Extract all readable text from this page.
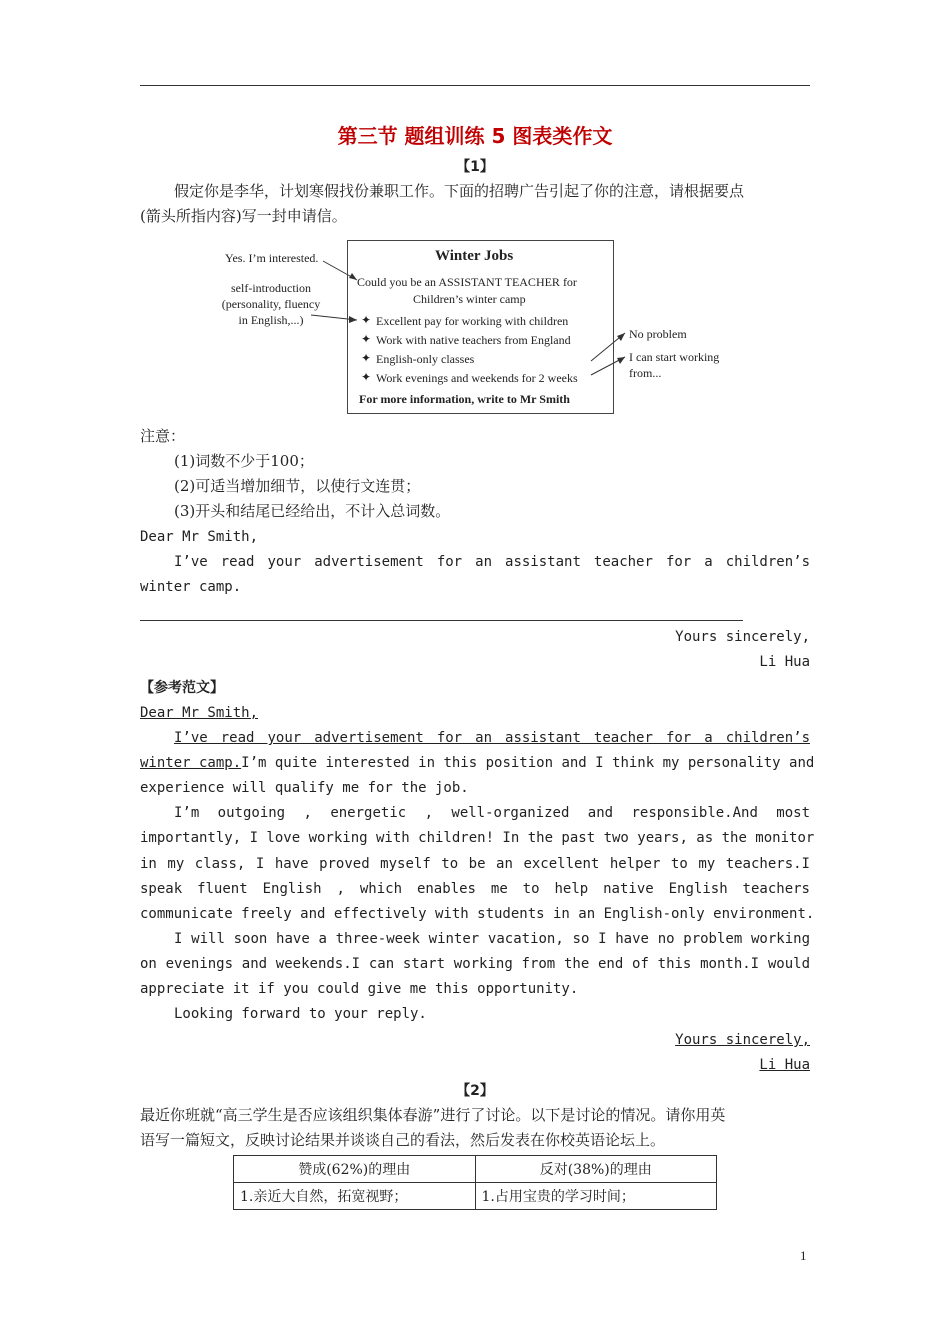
第三节 题组训练 5 图表类作文
【1】
假定你是李华，计划寒假找份兼职工作。下面的招聘广告引起了你的注意，请根据要点
(箭头所指内容)写一封申请信。
Winter Jobs
Could you be an ASSISTANT TEACHER for
Children’s winter camp
✦ Excellent pay for working with children
✦ Work with native teachers from England
✦ English-only classes
✦ Work evenings and weekends for 2 weeks
For more information, write to Mr Smith
Yes. I’m interested.
self-introduction
(personality, fluency
in English,...)
No problem
I can start working
from...
注意：
(1)词数不少于100；
(2)可适当增加细节，以使行文连贯；
(3)开头和结尾已经给出，不计入总词数。
Dear Mr Smith,
I’ve read your advertisement for an assistant teacher for a children’s
winter camp.
Yours sincerely,
Li Hua
【参考范文】
Dear Mr Smith,
I’ve read your advertisement for an assistant teacher for a children’s
winter camp.I’m quite interested in this position and I think my personality and
experience will qualify me for the job.
I’m outgoing , energetic , well-organized and responsible.And most
importantly, I love working with children! In the past two years, as the monitor
in my class, I have proved myself to be an excellent helper to my teachers.I
speak fluent English , which enables me to help native English teachers
communicate freely and effectively with students in an English-only environment.
I will soon have a three-week winter vacation, so I have no problem working
on evenings and weekends.I can start working from the end of this month.I would
appreciate it if you could give me this opportunity.
Looking forward to your reply.
Yours sincerely,
Li Hua
【2】
最近你班就“高三学生是否应该组织集体春游”进行了讨论。以下是讨论的情况。请你用英
语写一篇短文，反映讨论结果并谈谈自己的看法，然后发表在你校英语论坛上。
赞成(62%)的理由	反对(38%)的理由
1.亲近大自然，拓宽视野；	1.占用宝贵的学习时间；
1
